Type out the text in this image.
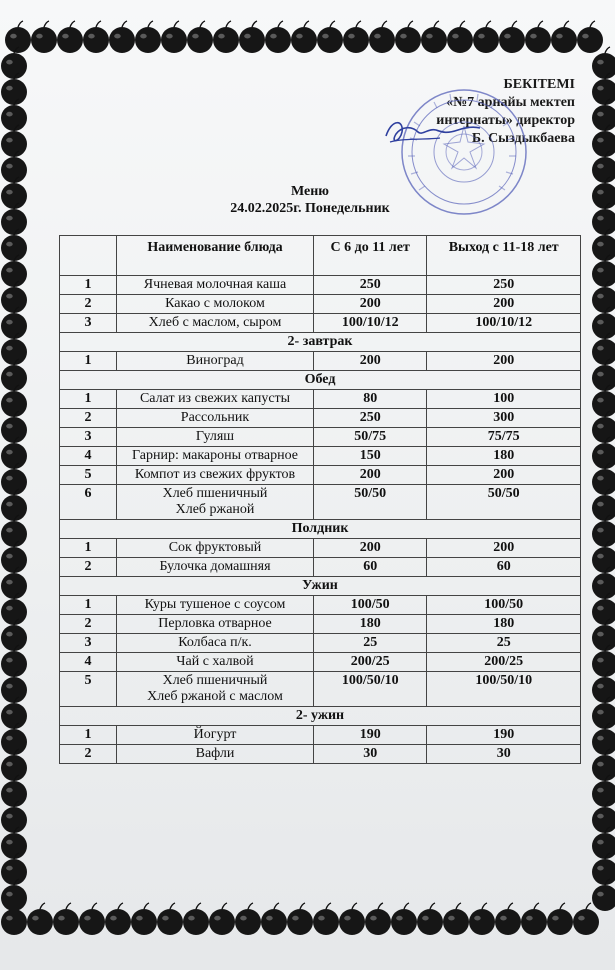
БЕКІТЕМІ
«№7 арнайы мектеп
интернаты» директор
Б. Сыздыкбаева
Меню
24.02.2025г. Понедельник
	Наименование блюда	С 6 до 11 лет	Выход с 11-18 лет
1	Ячневая молочная каша	250	250
2	Какао с молоком	200	200
3	Хлеб с маслом, сыром	100/10/12	100/10/12
2- завтрак			
1	Виноград	200	200
Обед			
1	Салат из свежих капусты	80	100
2	Рассольник	250	300
3	Гуляш	50/75	75/75
4	Гарнир: макароны отварное	150	180
5	Компот из свежих фруктов	200	200
6	Хлеб пшеничный
Хлеб ржаной	50/50	50/50
Полдник			
1	Сок фруктовый	200	200
2	Булочка домашняя	60	60
Ужин			
1	Куры тушеное с соусом	100/50	100/50
2	Перловка отварное	180	180
3	Колбаса п/к.	25	25
4	Чай с халвой	200/25	200/25
5	Хлеб пшеничный
Хлеб ржаной с маслом	100/50/10	100/50/10
2- ужин			
1	Йогурт	190	190
2	Вафли	30	30
